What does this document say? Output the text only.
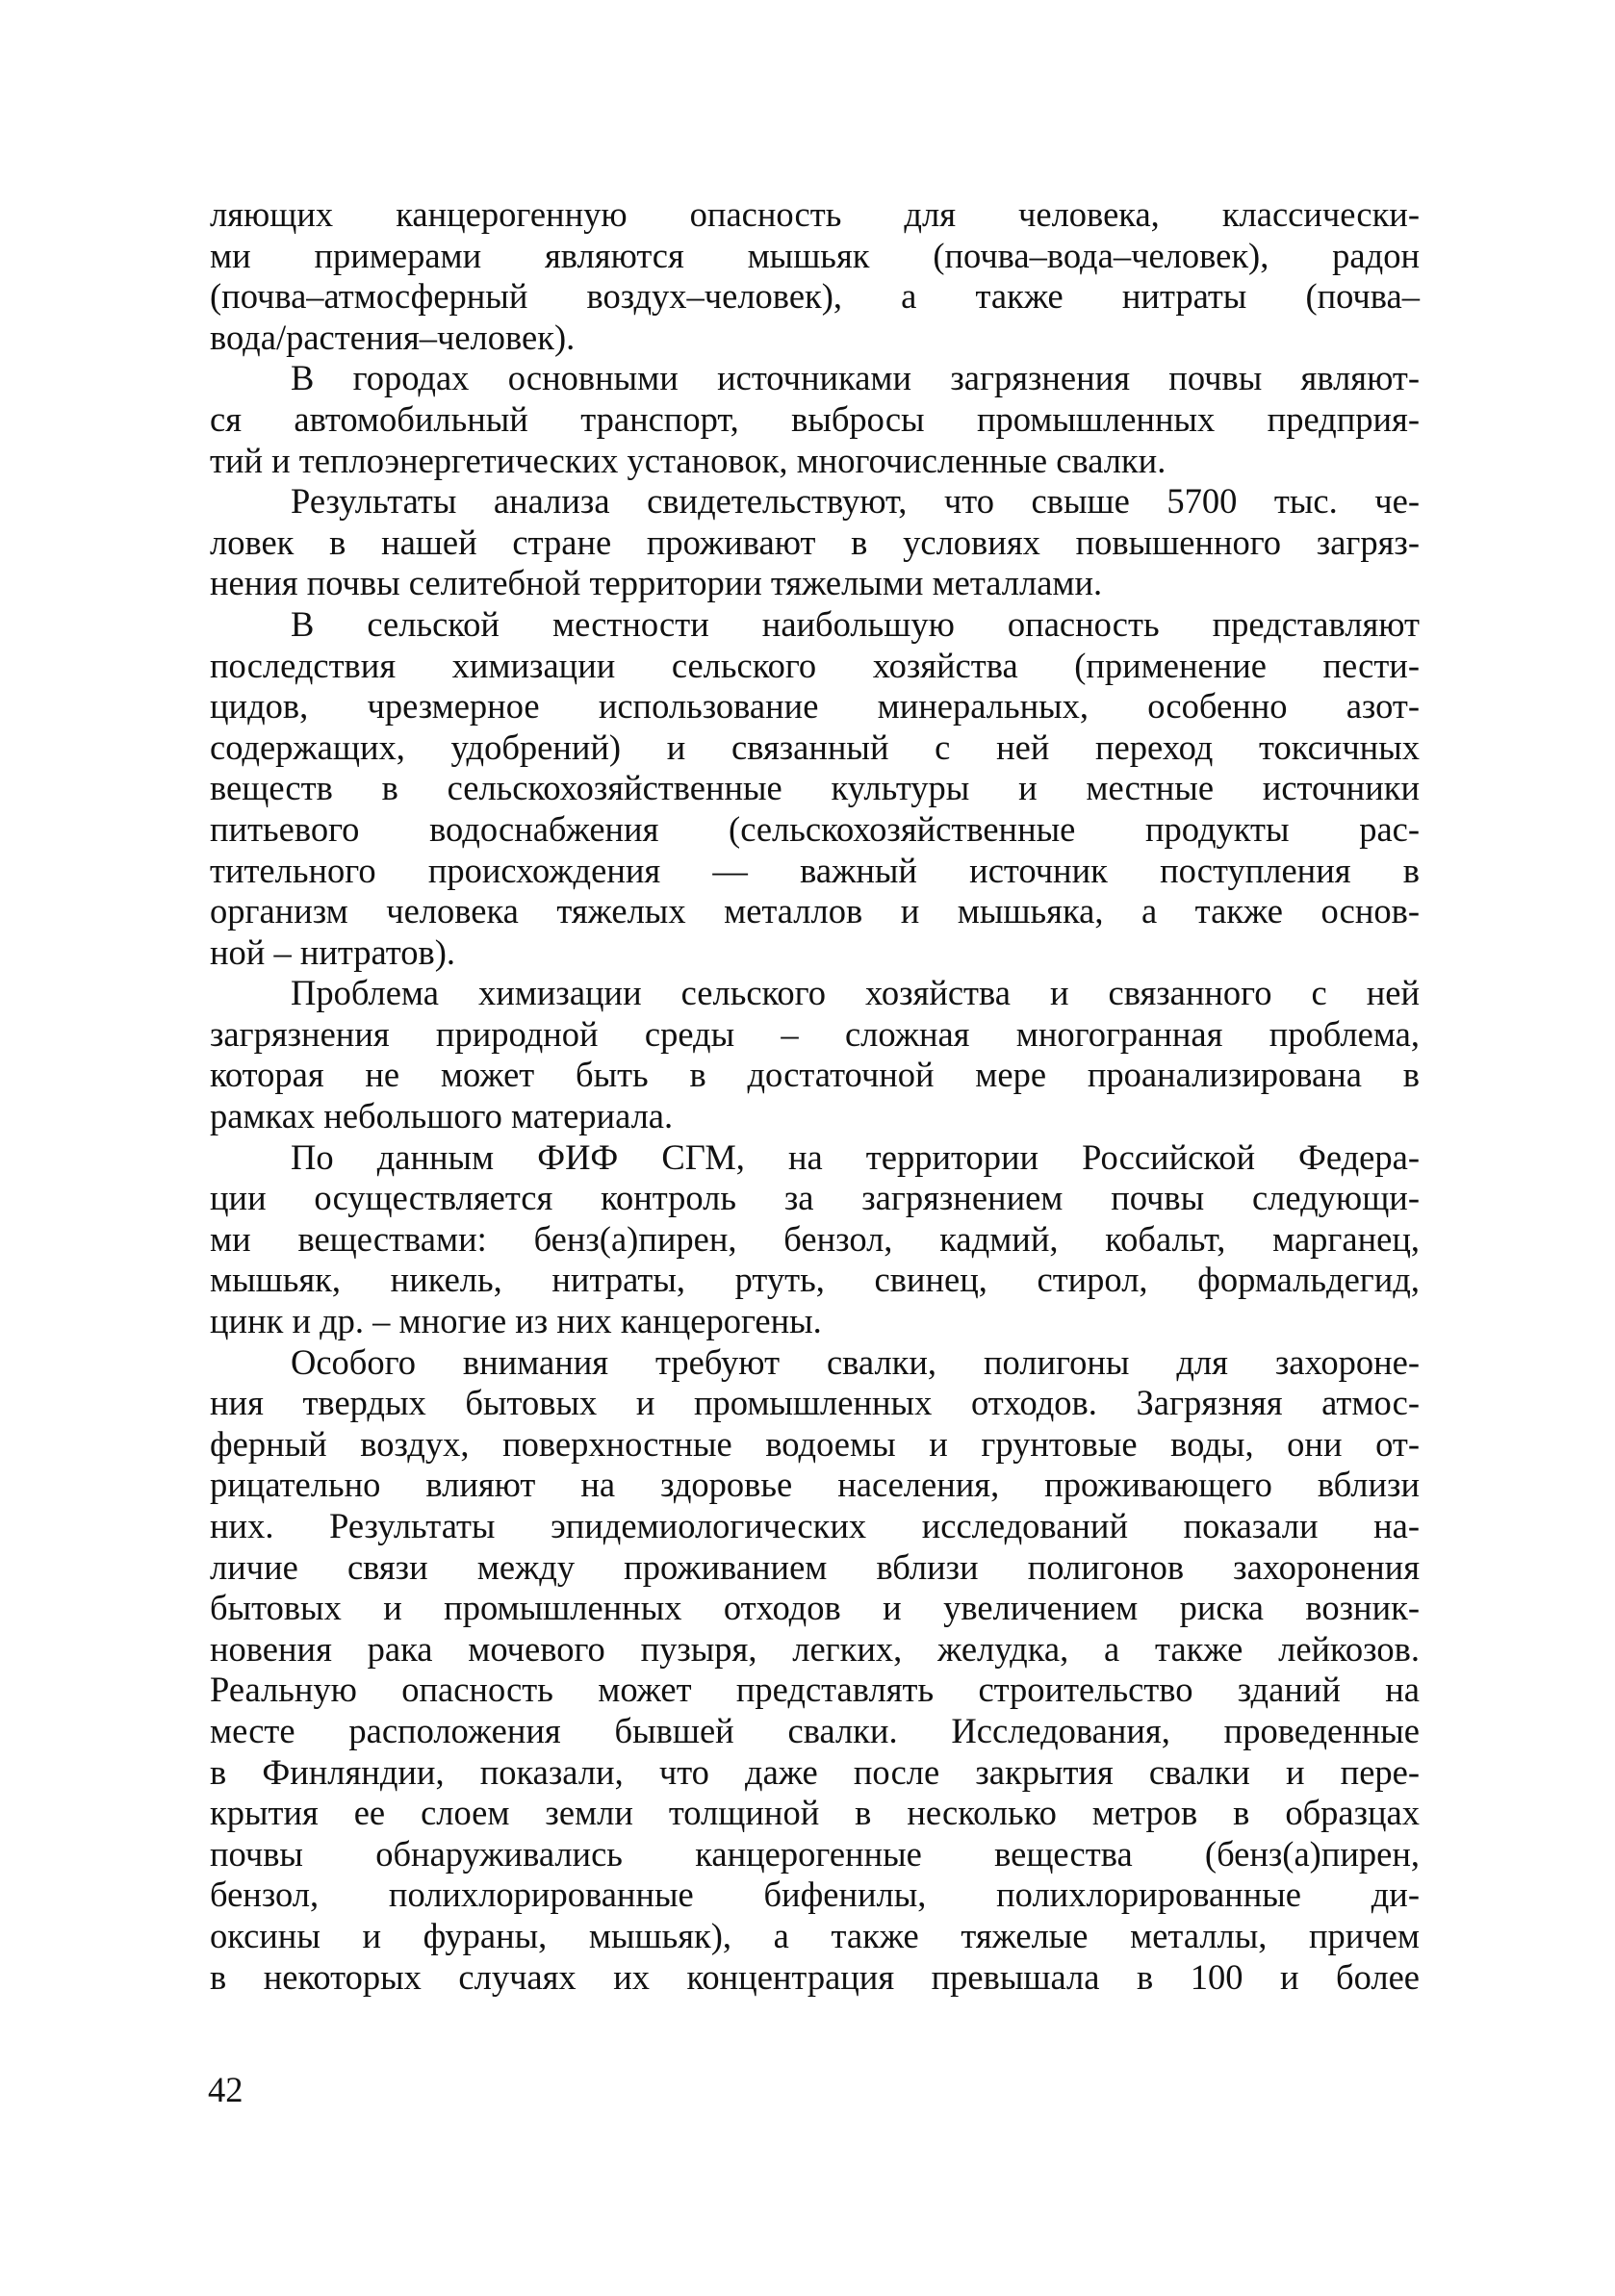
ляющих канцерогенную опасность для человека, классически-
ми примерами являются мышьяк (почва–вода–человек), радон
(почва–атмосферный воздух–человек), а также нитраты (почва–
вода/растения–человек).
В городах основными источниками загрязнения почвы являют-
ся автомобильный транспорт, выбросы промышленных предприя-
тий и теплоэнергетических установок, многочисленные свалки.
Результаты анализа свидетельствуют, что свыше 5700 тыс. че-
ловек в нашей стране проживают в условиях повышенного загряз-
нения почвы селитебной территории тяжелыми металлами.
В сельской местности наибольшую опасность представляют
последствия химизации сельского хозяйства (применение пести-
цидов, чрезмерное использование минеральных, особенно азот-
содержащих, удобрений) и связанный с ней переход токсичных
веществ в сельскохозяйственные культуры и местные источники
питьевого водоснабжения (сельскохозяйственные продукты рас-
тительного происхождения — важный источник поступления в
организм человека тяжелых металлов и мышьяка, а также основ-
ной – нитратов).
Проблема химизации сельского хозяйства и связанного с ней
загрязнения природной среды – сложная многогранная проблема,
которая не может быть в достаточной мере проанализирована в
рамках небольшого материала.
По данным ФИФ СГМ, на территории Российской Федера-
ции осуществляется контроль за загрязнением почвы следующи-
ми веществами: бенз(а)пирен, бензол, кадмий, кобальт, марганец,
мышьяк, никель, нитраты, ртуть, свинец, стирол, формальдегид,
цинк и др. – многие из них канцерогены.
Особого внимания требуют свалки, полигоны для захороне-
ния твердых бытовых и промышленных отходов. Загрязняя атмос-
ферный воздух, поверхностные водоемы и грунтовые воды, они от-
рицательно влияют на здоровье населения, проживающего вблизи
них. Результаты эпидемиологических исследований показали на-
личие связи между проживанием вблизи полигонов захоронения
бытовых и промышленных отходов и увеличением риска возник-
новения рака мочевого пузыря, легких, желудка, а также лейкозов.
Реальную опасность может представлять строительство зданий на
месте расположения бывшей свалки. Исследования, проведенные
в Финляндии, показали, что даже после закрытия свалки и пере-
крытия ее слоем земли толщиной в несколько метров в образцах
почвы обнаруживались канцерогенные вещества (бенз(а)пирен,
бензол, полихлорированные бифенилы, полихлорированные ди-
оксины и фураны, мышьяк), а также тяжелые металлы, причем
в некоторых случаях их концентрация превышала в 100 и более
42
